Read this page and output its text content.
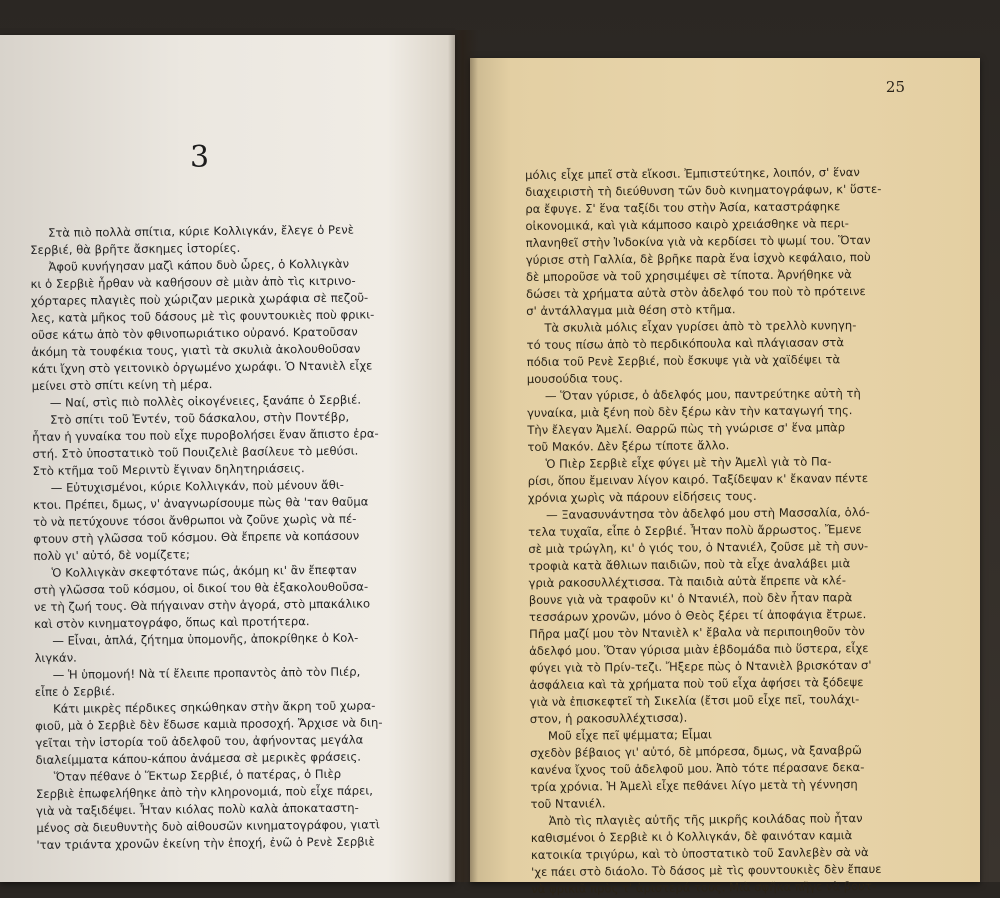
3
25
Στὰ πιὸ πολλὰ σπίτια, κύριε Κολλιγκάν, ἔλεγε ὁ Ρενὲ
Σερβιέ, θὰ βρῆτε ἄσκημες ἱστορίες.
Ἀφοῦ κυνήγησαν μαζὶ κάπου δυὸ ὧρες, ὁ Κολλιγκὰν
κι ὁ Σερβιὲ ἦρθαν νὰ καθήσουν σὲ μιὰν ἀπὸ τὶς κιτρινο-
χόρταρες πλαγιὲς ποὺ χώριζαν μερικὰ χωράφια σὲ πεζοῦ-
λες, κατὰ μῆκος τοῦ δάσους μὲ τὶς φουντουκιὲς ποὺ φρικι-
οῦσε κάτω ἀπὸ τὸν φθινοπωριάτικο οὐρανό. Κρατοῦσαν
ἀκόμη τὰ τουφέκια τους, γιατὶ τὰ σκυλιὰ ἀκολουθοῦσαν
κάτι ἴχνη στὸ γειτονικὸ ὀργωμένο χωράφι. Ὁ Ντανιὲλ εἶχε
μείνει στὸ σπίτι κείνη τὴ μέρα.
— Ναί, στὶς πιὸ πολλὲς οἰκογένειες, ξανάπε ὁ Σερβιέ.
Στὸ σπίτι τοῦ Ἐντέν, τοῦ δάσκαλου, στὴν Ποντέβρ,
ἦταν ἡ γυναίκα του ποὺ εἶχε πυροβολήσει ἕναν ἄπιστο ἐρα-
στή. Στὸ ὑποστατικὸ τοῦ Πουιζελιὲ βασίλευε τὸ μεθύσι.
Στὸ κτῆμα τοῦ Μεριντὺ ἔγιναν δηλητηριάσεις.
— Εὐτυχισμένοι, κύριε Κολλιγκάν, ποὺ μένουν ἄθι-
κτοι. Πρέπει, δμως, ν' ἀναγνωρίσουμε πὼς θὰ 'ταν θαῦμα
τὸ νὰ πετύχουνε τόσοι ἄνθρωποι νὰ ζοῦνε χωρὶς νὰ πέ-
φτουν στὴ γλῶσσα τοῦ κόσμου. Θὰ ἔπρεπε νὰ κοπάσουν
πολὺ γι' αὐτό, δὲ νομίζετε;
Ὁ Κολλιγκὰν σκεφτότανε πώς, ἀκόμη κι' ἂν ἔπεφταν
στὴ γλῶσσα τοῦ κόσμου, οἱ δικοί του θὰ ἐξακολουθοῦσα-
νε τὴ ζωή τους. Θὰ πήγαιναν στὴν ἀγορά, στὸ μπακάλικο
καὶ στὸν κινηματογράφο, ὅπως καὶ προτήτερα.
— Εἶναι, ἁπλά, ζήτημα ὑπομονῆς, ἀποκρίθηκε ὁ Κολ-
λιγκάν.
— Ἡ ὑπομονή! Νὰ τί ἔλειπε προπαντὸς ἀπὸ τὸν Πιέρ,
εἶπε ὁ Σερβιέ.
Κάτι μικρὲς πέρδικες σηκώθηκαν στὴν ἄκρη τοῦ χωρα-
φιοῦ, μὰ ὁ Σερβιὲ δὲν ἔδωσε καμιὰ προσοχή. Ἄρχισε νὰ διη-
γεῖται τὴν ἱστορία τοῦ ἀδελφοῦ του, ἀφήνοντας μεγάλα
διαλείμματα κάπου-κάπου ἀνάμεσα σὲ μερικὲς φράσεις.
Ὅταν πέθανε ὁ Ἕκτωρ Σερβιέ, ὁ πατέρας, ὁ Πιὲρ
Σερβιὲ ἐπωφελήθηκε ἀπὸ τὴν κληρονομιά, ποὺ εἶχε πάρει,
γιὰ νὰ ταξιδέψει. Ἦταν κιόλας πολὺ καλὰ ἀποκαταστη-
μένος σὰ διευθυντὴς δυὸ αἰθουσῶν κινηματογράφου, γιατὶ
'ταν τριάντα χρονῶν ἐκείνη τὴν ἐποχή, ἐνῶ ὁ Ρενὲ Σερβιὲ
μόλις εἶχε μπεῖ στὰ εἴκοσι. Ἐμπιστεύτηκε, λοιπόν, σ' ἕναν
διαχειριστὴ τὴ διεύθυνση τῶν δυὸ κινηματογράφων, κ' ὕστε-
ρα ἔφυγε. Σ' ἕνα ταξίδι του στὴν Ἀσία, καταστράφηκε
οἰκονομικά, καὶ γιὰ κάμποσο καιρὸ χρειάσθηκε νὰ περι-
πλανηθεῖ στὴν Ἰνδοκίνα γιὰ νὰ κερδίσει τὸ ψωμί του. Ὅταν
γύρισε στὴ Γαλλία, δὲ βρῆκε παρὰ ἕνα ἰσχνὸ κεφάλαιο, ποὺ
δὲ μποροῦσε νὰ τοῦ χρησιμέψει σὲ τίποτα. Ἀρνήθηκε νὰ
δώσει τὰ χρήματα αὐτὰ στὸν ἀδελφό του ποὺ τὸ πρότεινε
σ' ἀντάλλαγμα μιὰ θέση στὸ κτῆμα.
Τὰ σκυλιὰ μόλις εἶχαν γυρίσει ἀπὸ τὸ τρελλὸ κυνηγη-
τό τους πίσω ἀπὸ τὸ περδικόπουλα καὶ πλάγιασαν στὰ
πόδια τοῦ Ρενὲ Σερβιέ, ποὺ ἔσκυψε γιὰ νὰ χαϊδέψει τὰ
μουσούδια τους.
— Ὅταν γύρισε, ὁ ἀδελφός μου, παντρεύτηκε αὐτὴ τὴ
γυναίκα, μιὰ ξένη ποὺ δὲν ξέρω κὰν τὴν καταγωγή της.
Τὴν ἔλεγαν Ἀμελί. Θαρρῶ πὼς τὴ γνώρισε σ' ἕνα μπὰρ
τοῦ Μακόν. Δὲν ξέρω τίποτε ἄλλο.
Ὁ Πιὲρ Σερβιὲ εἶχε φύγει μὲ τὴν Ἀμελὶ γιὰ τὸ Πα-
ρίσι, ὅπου ἔμειναν λίγον καιρό. Ταξίδεψαν κ' ἔκαναν πέντε
χρόνια χωρὶς νὰ πάρουν εἰδήσεις τους.
— Ξανασυνάντησα τὸν ἀδελφό μου στὴ Μασσαλία, ὁλό-
τελα τυχαῖα, εἶπε ὁ Σερβιέ. Ἦταν πολὺ ἄρρωστος. Ἔμενε
σὲ μιὰ τρώγλη, κι' ὁ γιός του, ὁ Ντανιέλ, ζοῦσε μὲ τὴ συν-
τροφιὰ κατὰ ἄθλιων παιδιῶν, ποὺ τὰ εἶχε ἀναλάβει μιὰ
γριὰ ρακοσυλλέχτισσα. Τὰ παιδιὰ αὐτὰ ἔπρεπε νὰ κλέ-
βουνε γιὰ νὰ τραφοῦν κι' ὁ Ντανιέλ, ποὺ δὲν ἦταν παρὰ
τεσσάρων χρονῶν, μόνο ὁ Θεὸς ξέρει τί ἀποφάγια ἔτρωε.
Πῆρα μαζί μου τὸν Ντανιὲλ κ' ἔβαλα νὰ περιποιηθοῦν τὸν
ἀδελφό μου. Ὅταν γύρισα μιὰν ἑβδομάδα πιὸ ὕστερα, εἶχε
φύγει γιὰ τὸ Πρίν-τεζι. Ἤξερε πὼς ὁ Ντανιὲλ βρισκόταν σ'
ἀσφάλεια καὶ τὰ χρήματα ποὺ τοῦ εἶχα ἀφήσει τὰ ξόδεψε
γιὰ νὰ ἐπισκεφτεῖ τὴ Σικελία (ἔτσι μοῦ εἶχε πεῖ, τουλάχι-
στον, ἡ ρακοσυλλέχτισσα).
Μοῦ εἶχε πεῖ ψέμματα; Εἶμαι
σχεδὸν βέβαιος γι' αὐτό, δὲ μπόρεσα, δμως, νὰ ξαναβρῶ
κανένα ἴχνος τοῦ ἀδελφοῦ μου. Ἀπὸ τότε πέρασανε δεκα-
τρία χρόνια. Ἡ Ἀμελὶ εἶχε πεθάνει λίγο μετὰ τὴ γέννηση
τοῦ Ντανιέλ.
Ἀπὸ τὶς πλαγιὲς αὐτῆς τῆς μικρῆς κοιλάδας ποὺ ἦταν
καθισμένοι ὁ Σερβιὲ κι ὁ Κολλιγκάν, δὲ φαινόταν καμιὰ
κατοικία τριγύρω, καὶ τὸ ὑποστατικὸ τοῦ Σανλεβὲν σὰ νὰ
'χε πάει στὸ διάολο. Τὸ δάσος μὲ τὶς φουντουκιὲς δὲν ἔπαυε
νὰ φρικιᾶ πρὸς τ' ἀριστερά τους. Μιὰ σφῆκα πῆγε νὰ βουτ-
